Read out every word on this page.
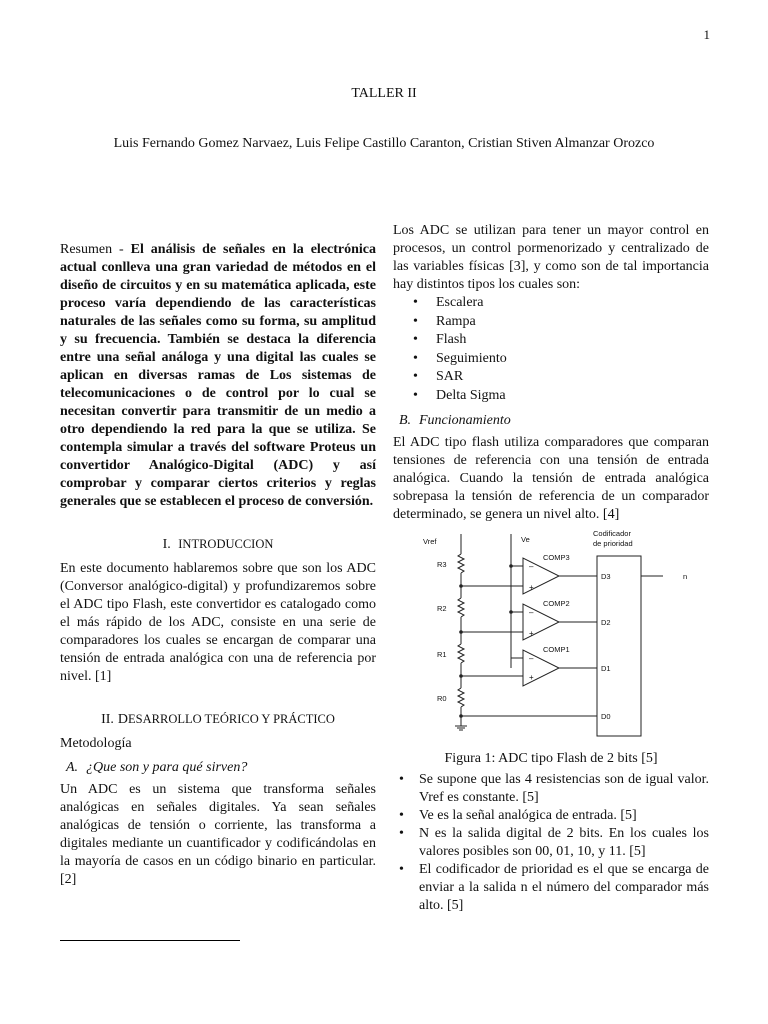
1
TALLER II
Luis Fernando Gomez Narvaez, Luis Felipe Castillo Caranton, Cristian Stiven Almanzar Orozco

Resumen - El análisis de señales en la electrónica actual conlleva una gran variedad de métodos en el diseño de circuitos y en su matemática aplicada, este proceso varía dependiendo de las características naturales de las señales como su forma, su amplitud y su frecuencia. También se destaca la diferencia entre una señal análoga y una digital las cuales se aplican en diversas ramas de Los sistemas de telecomunicaciones o de control por lo cual se necesitan convertir para transmitir de un medio a otro dependiendo la red para la que se utiliza. Se contempla simular a través del software Proteus un convertidor Analógico-Digital (ADC) y así comprobar y comparar ciertos criterios y reglas generales que se establecen el proceso de conversión.

I. INTRODUCCION

En este documento hablaremos sobre que son los ADC (Conversor analógico-digital) y profundizaremos sobre el ADC tipo Flash, este convertidor es catalogado como el más rápido de los ADC, consiste en una serie de comparadores los cuales se encargan de comparar una tensión de entrada analógica con una de referencia por nivel. [1]

II. DESARROLLO TEÓRICO Y PRÁCTICO

Metodología

A. ¿Que son y para qué sirven?

Un ADC es un sistema que transforma señales analógicas en señales digitales. Ya sean señales analógicas de tensión o corriente, las transforma a digitales mediante un cuantificador y codificándolas en la mayoría de casos en un código binario en particular. [2]

Los ADC se utilizan para tener un mayor control en procesos, un control pormenorizado y centralizado de las variables físicas [3], y como son de tal importancia hay distintos tipos los cuales son:

• Escalera
• Rampa
• Flash
• Seguimiento
• SAR
• Delta Sigma
B. Funcionamiento

El ADC tipo flash utiliza comparadores que comparan tensiones de referencia con una tensión de entrada analógica. Cuando la tensión de entrada analógica sobrepasa la tensión de referencia de un comparador determinado, se genera un nivel alto. [4]

–
+
–
+
–
+
Vref	Ve
Codificador
de prioridad
R3
R2
R1
R0
COMP3
COMP2
COMP1
D3
D2
D1
D0
n
Figura 1: ADC tipo Flash de 2 bits [5]
• Se supone que las 4 resistencias son de igual valor. Vref es constante. [5]
• Ve es la señal analógica de entrada. [5]
• N es la salida digital de 2 bits. En los cuales los valores posibles son 00, 01, 10, y 11. [5]
• El codificador de prioridad es el que se encarga de enviar a la salida n el número del comparador más alto. [5]
